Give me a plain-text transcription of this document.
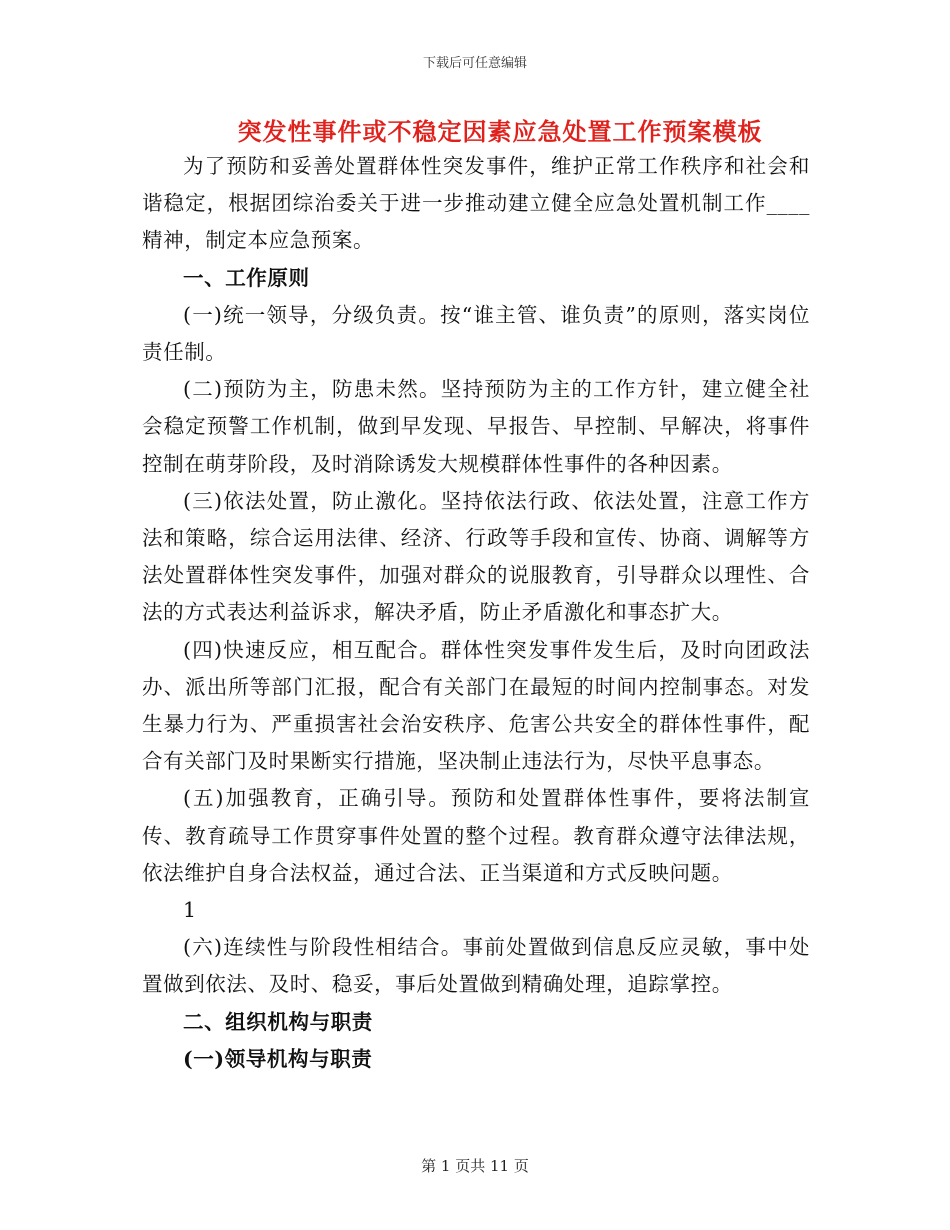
下载后可任意编辑
突发性事件或不稳定因素应急处置工作预案模板

为了预防和妥善处置群体性突发事件，维护正常工作秩序和社会和谐稳定，根据团综治委关于进一步推动建立健全应急处置机制工作____精神，制定本应急预案。

一、工作原则

(一)统一领导，分级负责。按“谁主管、谁负责”的原则，落实岗位责任制。

(二)预防为主，防患未然。坚持预防为主的工作方针，建立健全社会稳定预警工作机制，做到早发现、早报告、早控制、早解决，将事件控制在萌芽阶段，及时消除诱发大规模群体性事件的各种因素。

(三)依法处置，防止激化。坚持依法行政、依法处置，注意工作方法和策略，综合运用法律、经济、行政等手段和宣传、协商、调解等方法处置群体性突发事件，加强对群众的说服教育，引导群众以理性、合法的方式表达利益诉求，解决矛盾，防止矛盾激化和事态扩大。

(四)快速反应，相互配合。群体性突发事件发生后，及时向团政法办、派出所等部门汇报，配合有关部门在最短的时间内控制事态。对发生暴力行为、严重损害社会治安秩序、危害公共安全的群体性事件，配合有关部门及时果断实行措施，坚决制止违法行为，尽快平息事态。

(五)加强教育，正确引导。预防和处置群体性事件，要将法制宣传、教育疏导工作贯穿事件处置的整个过程。教育群众遵守法律法规，依法维护自身合法权益，通过合法、正当渠道和方式反映问题。

1

(六)连续性与阶段性相结合。事前处置做到信息反应灵敏，事中处置做到依法、及时、稳妥，事后处置做到精确处理，追踪掌控。

二、组织机构与职责

(一)领导机构与职责

第 1 页共 11 页
